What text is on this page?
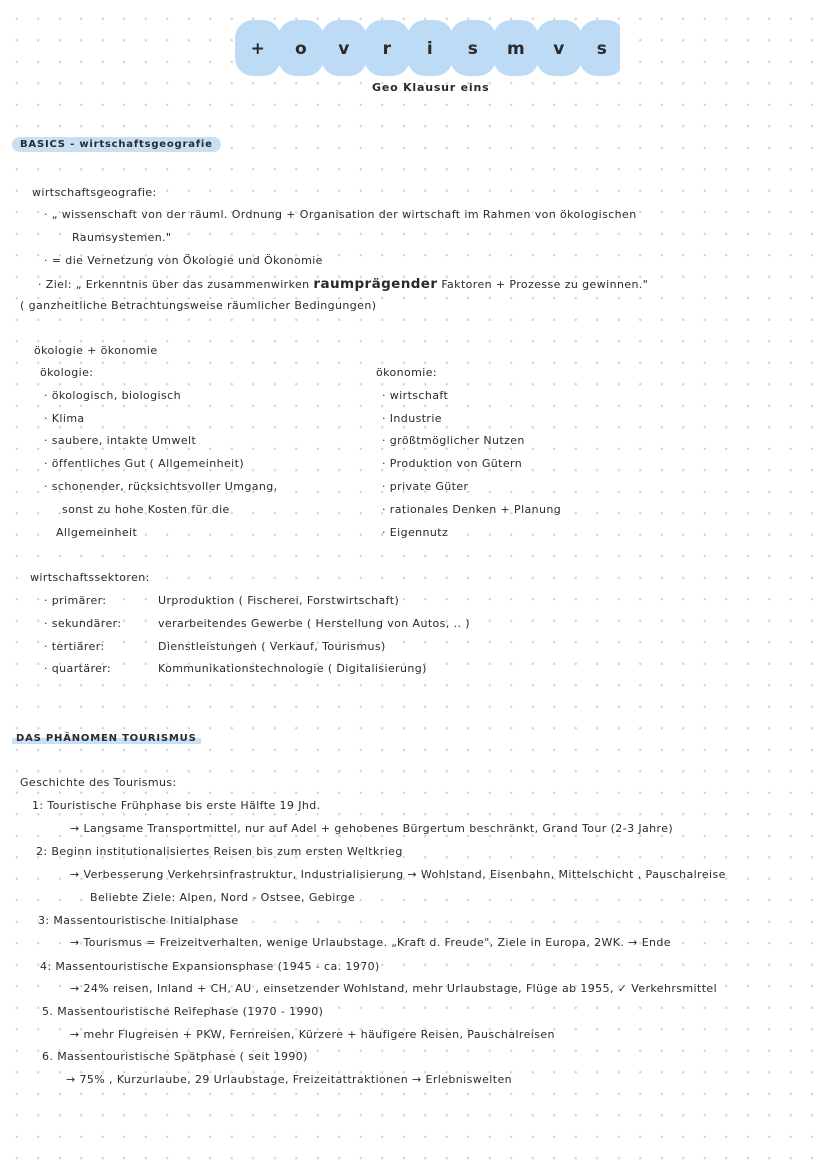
+ o v r i s m v s
Geo Klausur eins
BASICS - wirtschaftsgeografie
wirtschaftsgeografie:
· „ wissenschaft von der räuml. Ordnung + Organisation der wirtschaft im Rahmen von ökologischen
Raumsystemen."
· = die Vernetzung von Ökologie und Ökonomie
· Ziel: „ Erkenntnis über das zusammenwirken raumprägender Faktoren + Prozesse zu gewinnen."
( ganzheitliche Betrachtungsweise räumlicher Bedingungen)
ökologie + ökonomie
ökologie:
· ökologisch, biologisch
· Klima
· saubere, intakte Umwelt
· öffentliches Gut ( Allgemeinheit)
· schonender, rücksichtsvoller Umgang,
sonst zu hohe Kosten für die
Allgemeinheit
ökonomie:
· wirtschaft
· Industrie
· größtmöglicher Nutzen
· Produktion von Gütern
· private Güter
· rationales Denken + Planung
· Eigennutz
wirtschaftssektoren:
· primärer:	Urproduktion ( Fischerei, Forstwirtschaft)
· sekundärer:	verarbeitendes Gewerbe ( Herstellung von Autos, .. )
· tertiärer:	Dienstleistungen ( Verkauf, Tourismus)
· quartärer:	Kommunikationstechnologie ( Digitalisierung)
DAS PHÄNOMEN TOURISMUS
Geschichte des Tourismus:
1: Touristische Frühphase bis erste Hälfte 19 Jhd.
→ Langsame Transportmittel, nur auf Adel + gehobenes Bürgertum beschränkt, Grand Tour (2-3 Jahre)
2: Beginn institutionalisiertes Reisen bis zum ersten Weltkrieg
→ Verbesserung Verkehrsinfrastruktur, Industrialisierung → Wohlstand, Eisenbahn, Mittelschicht , Pauschalreise
Beliebte Ziele: Alpen, Nord - Ostsee, Gebirge
3: Massentouristische Initialphase
→ Tourismus = Freizeitverhalten, wenige Urlaubstage. „Kraft d. Freude", Ziele in Europa, 2WK. → Ende
4: Massentouristische Expansionsphase (1945 - ca. 1970)
→ 24% reisen, Inland + CH, AU , einsetzender Wohlstand, mehr Urlaubstage, Flüge ab 1955, ✓ Verkehrsmittel
5. Massentouristische Reifephase (1970 - 1990)
→ mehr Flugreisen + PKW, Fernreisen, Kürzere + häufigere Reisen, Pauschalreisen
6. Massentouristische Spätphase ( seit 1990)
→ 75% , Kurzurlaube, 29 Urlaubstage, Freizeitattraktionen → Erlebniswelten
